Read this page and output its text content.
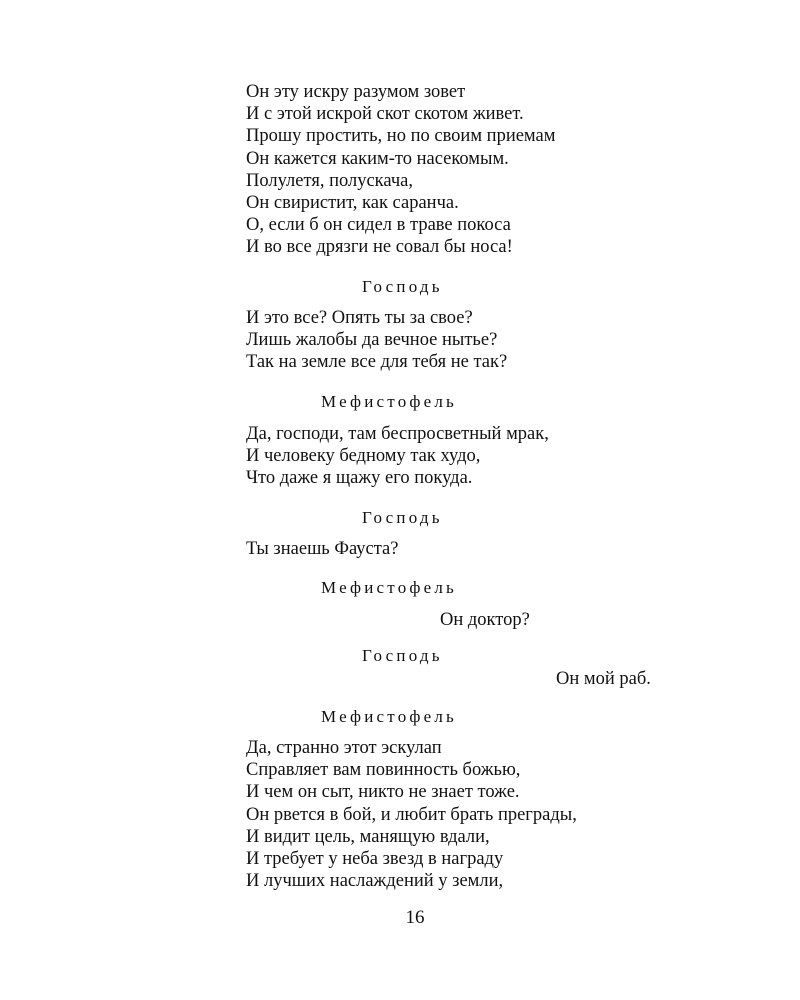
Он эту искру разумом зовет
И с этой искрой скот скотом живет.
Прошу простить, но по своим приемам
Он кажется каким-то насекомым.
Полулетя, полускача,
Он свиристит, как саранча.
О, если б он сидел в траве покоса
И во все дрязги не совал бы носа!
Господь
И это все? Опять ты за свое?
Лишь жалобы да вечное нытье?
Так на земле все для тебя не так?
Мефистофель
Да, господи, там беспросветный мрак,
И человеку бедному так худо,
Что даже я щажу его покуда.
Господь
Ты знаешь Фауста?
Мефистофель
Он доктор?
Господь
Он мой раб.
Мефистофель
Да, странно этот эскулап
Справляет вам повинность божью,
И чем он сыт, никто не знает тоже.
Он рвется в бой, и любит брать преграды,
И видит цель, манящую вдали,
И требует у неба звезд в награду
И лучших наслаждений у земли,
16
